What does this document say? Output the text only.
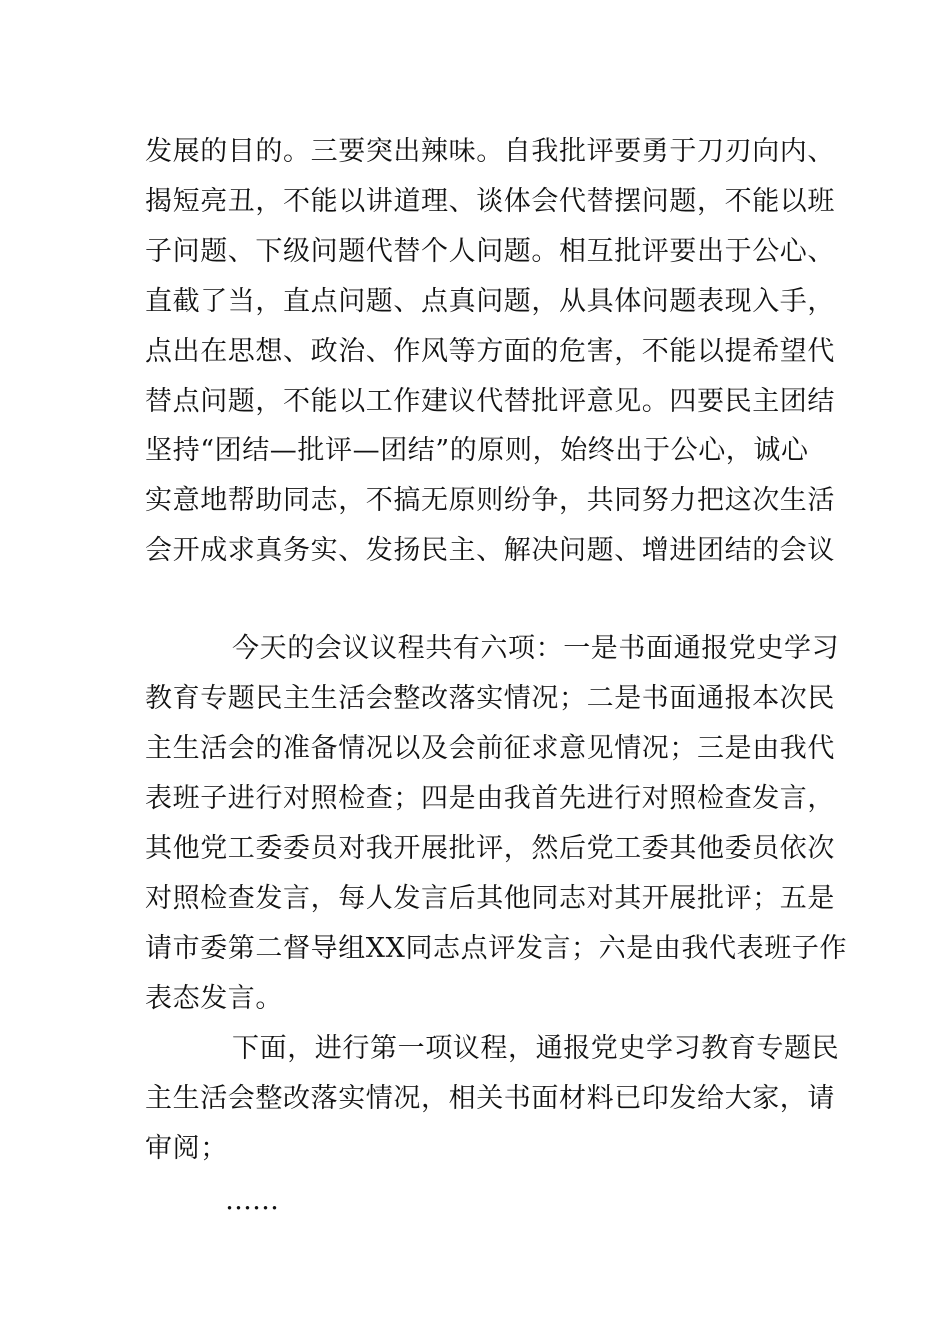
发展的目的。三要突出辣味。自我批评要勇于刀刃向内、
揭短亮丑，不能以讲道理、谈体会代替摆问题，不能以班
子问题、下级问题代替个人问题。相互批评要出于公心、
直截了当，直点问题、点真问题，从具体问题表现入手，
点出在思想、政治、作风等方面的危害，不能以提希望代
替点问题，不能以工作建议代替批评意见。四要民主团结
坚持“团结—批评—团结”的原则，始终出于公心，诚心
实意地帮助同志，不搞无原则纷争，共同努力把这次生活
会开成求真务实、发扬民主、解决问题、增进团结的会议
今天的会议议程共有六项：一是书面通报党史学习
教育专题民主生活会整改落实情况；二是书面通报本次民
主生活会的准备情况以及会前征求意见情况；三是由我代
表班子进行对照检查；四是由我首先进行对照检查发言，
其他党工委委员对我开展批评，然后党工委其他委员依次
对照检查发言，每人发言后其他同志对其开展批评；五是
请市委第二督导组XX同志点评发言；六是由我代表班子作
表态发言。
下面，进行第一项议程，通报党史学习教育专题民
主生活会整改落实情况，相关书面材料已印发给大家，请
审阅；
……
